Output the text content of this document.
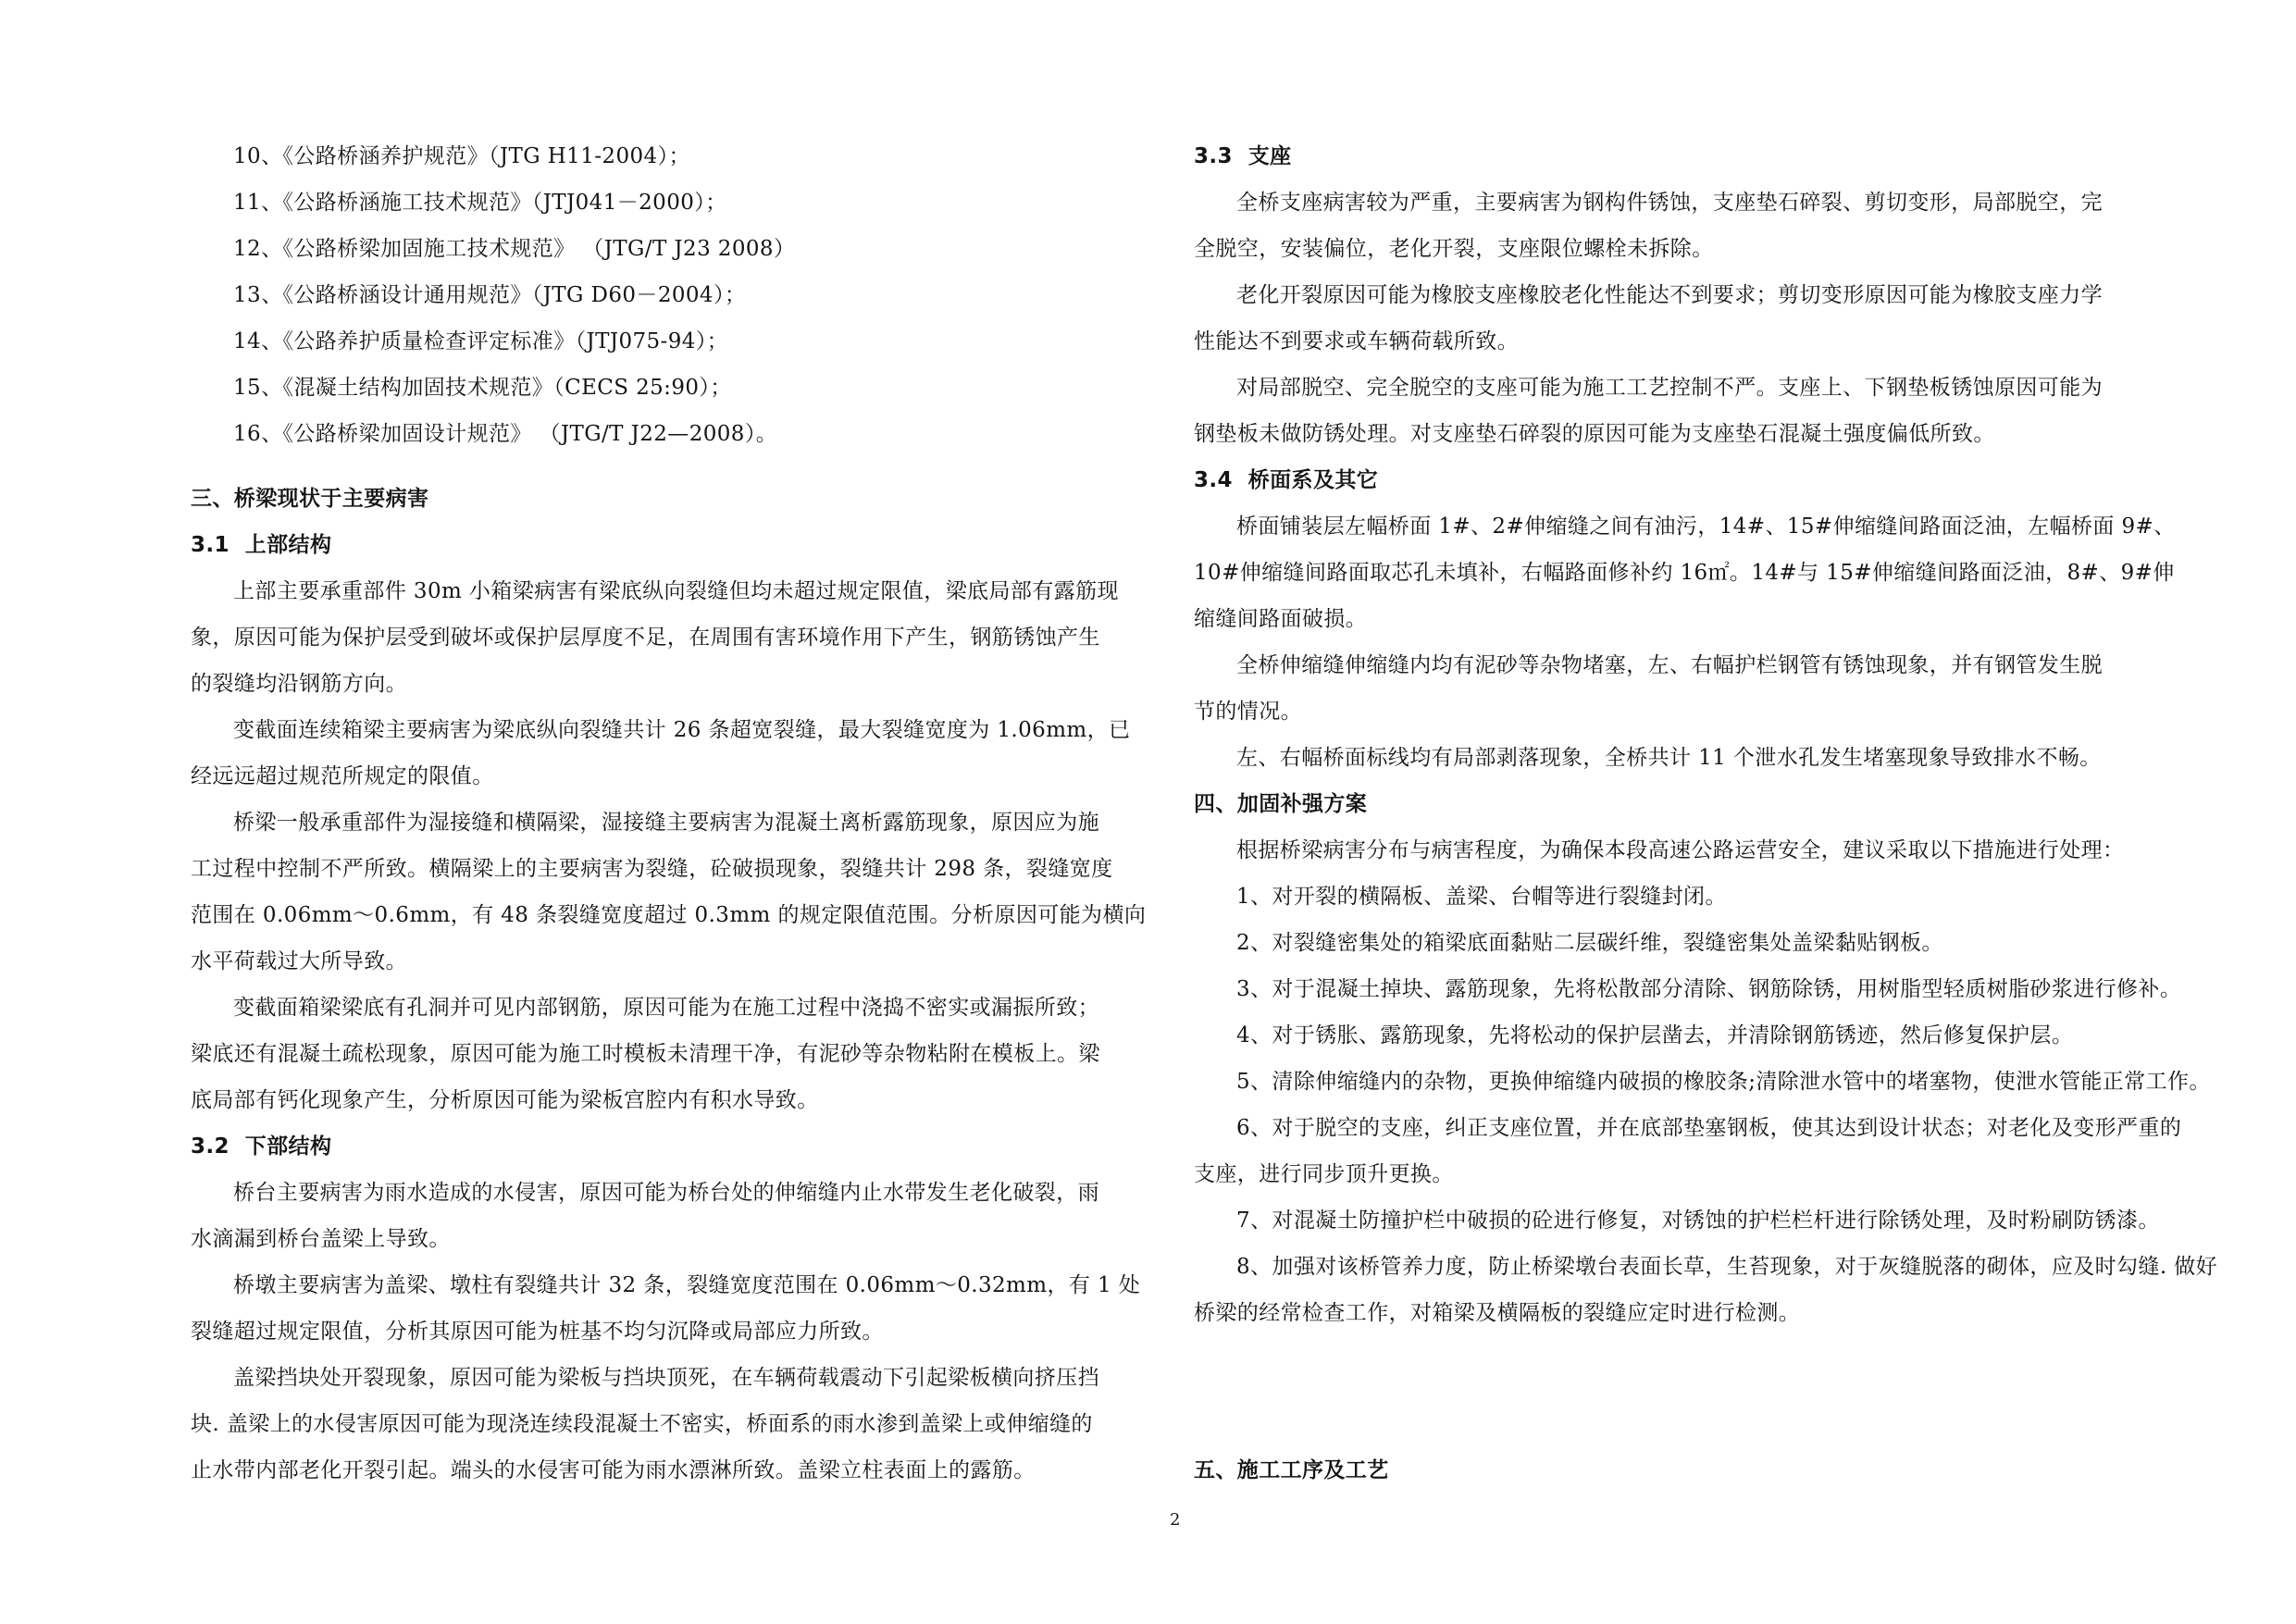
10、《公路桥涵养护规范》（JTG H11-2004）；
11、《公路桥涵施工技术规范》（JTJ041－2000）；
12、《公路桥梁加固施工技术规范》 （JTG/T J23 2008）
13、《公路桥涵设计通用规范》（JTG D60－2004）；
14、《公路养护质量检查评定标准》（JTJ075-94）；
15、《混凝土结构加固技术规范》（CECS 25:90）；
16、《公路桥梁加固设计规范》 （JTG/T J22—2008）。
三、桥梁现状于主要病害
3.1  上部结构
上部主要承重部件 30m 小箱梁病害有梁底纵向裂缝但均未超过规定限值，梁底局部有露筋现
象，原因可能为保护层受到破坏或保护层厚度不足，在周围有害环境作用下产生，钢筋锈蚀产生
的裂缝均沿钢筋方向。
变截面连续箱梁主要病害为梁底纵向裂缝共计 26 条超宽裂缝，最大裂缝宽度为 1.06mm，已
经远远超过规范所规定的限值。
桥梁一般承重部件为湿接缝和横隔梁，湿接缝主要病害为混凝土离析露筋现象，原因应为施
工过程中控制不严所致。横隔梁上的主要病害为裂缝，砼破损现象，裂缝共计 298 条，裂缝宽度
范围在 0.06mm～0.6mm，有 48 条裂缝宽度超过 0.3mm 的规定限值范围。分析原因可能为横向
水平荷载过大所导致。
变截面箱梁梁底有孔洞并可见内部钢筋，原因可能为在施工过程中浇捣不密实或漏振所致；
梁底还有混凝土疏松现象，原因可能为施工时模板未清理干净，有泥砂等杂物粘附在模板上。梁
底局部有钙化现象产生，分析原因可能为梁板宫腔内有积水导致。
3.2  下部结构
桥台主要病害为雨水造成的水侵害，原因可能为桥台处的伸缩缝内止水带发生老化破裂，雨
水滴漏到桥台盖梁上导致。
桥墩主要病害为盖梁、墩柱有裂缝共计 32 条，裂缝宽度范围在 0.06mm～0.32mm，有 1 处
裂缝超过规定限值，分析其原因可能为桩基不均匀沉降或局部应力所致。
盖梁挡块处开裂现象，原因可能为梁板与挡块顶死，在车辆荷载震动下引起梁板横向挤压挡
块. 盖梁上的水侵害原因可能为现浇连续段混凝土不密实，桥面系的雨水渗到盖梁上或伸缩缝的
止水带内部老化开裂引起。端头的水侵害可能为雨水漂淋所致。盖梁立柱表面上的露筋。
3.3  支座
全桥支座病害较为严重，主要病害为钢构件锈蚀，支座垫石碎裂、剪切变形，局部脱空，完
全脱空，安装偏位，老化开裂，支座限位螺栓未拆除。
老化开裂原因可能为橡胶支座橡胶老化性能达不到要求；剪切变形原因可能为橡胶支座力学
性能达不到要求或车辆荷载所致。
对局部脱空、完全脱空的支座可能为施工工艺控制不严。支座上、下钢垫板锈蚀原因可能为
钢垫板未做防锈处理。对支座垫石碎裂的原因可能为支座垫石混凝土强度偏低所致。
3.4  桥面系及其它
桥面铺装层左幅桥面 1#、2#伸缩缝之间有油污，14#、15#伸缩缝间路面泛油，左幅桥面 9#、
10#伸缩缝间路面取芯孔未填补，右幅路面修补约 16㎡。14#与 15#伸缩缝间路面泛油，8#、9#伸
缩缝间路面破损。
全桥伸缩缝伸缩缝内均有泥砂等杂物堵塞，左、右幅护栏钢管有锈蚀现象，并有钢管发生脱
节的情况。
左、右幅桥面标线均有局部剥落现象，全桥共计 11 个泄水孔发生堵塞现象导致排水不畅。
四、加固补强方案
根据桥梁病害分布与病害程度，为确保本段高速公路运营安全，建议采取以下措施进行处理：
1、对开裂的横隔板、盖梁、台帽等进行裂缝封闭。
2、对裂缝密集处的箱梁底面黏贴二层碳纤维，裂缝密集处盖梁黏贴钢板。
3、对于混凝土掉块、露筋现象，先将松散部分清除、钢筋除锈，用树脂型轻质树脂砂浆进行修补。
4、对于锈胀、露筋现象，先将松动的保护层凿去，并清除钢筋锈迹，然后修复保护层。
5、清除伸缩缝内的杂物，更换伸缩缝内破损的橡胶条;清除泄水管中的堵塞物，使泄水管能正常工作。
6、对于脱空的支座，纠正支座位置，并在底部垫塞钢板，使其达到设计状态；对老化及变形严重的
支座，进行同步顶升更换。
7、对混凝土防撞护栏中破损的砼进行修复，对锈蚀的护栏栏杆进行除锈处理，及时粉刷防锈漆。
8、加强对该桥管养力度，防止桥梁墩台表面长草，生苔现象，对于灰缝脱落的砌体，应及时勾缝. 做好
桥梁的经常检查工作，对箱梁及横隔板的裂缝应定时进行检测。
五、施工工序及工艺
2
